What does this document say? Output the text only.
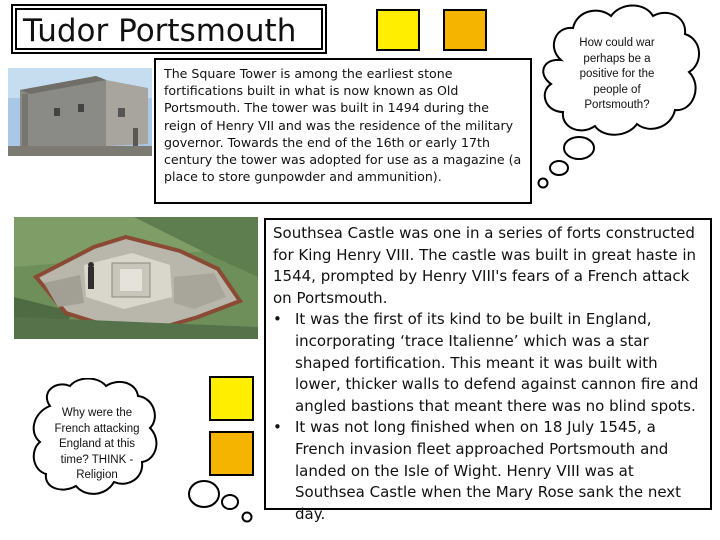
Tudor Portsmouth
The Square Tower is among the earliest stone fortifications built in what is now known as Old Portsmouth. The tower was built in 1494 during the reign of Henry VII and was the residence of the military governor. Towards the end of the 16th or early 17th century the tower was adopted for use as a magazine (a place to store gunpowder and ammunition).
How could war perhaps be a positive for the people of Portsmouth?
Why were the French attacking England at this time? THINK - Religion

Southsea Castle was one in a series of forts constructed for King Henry VIII. The castle was built in great haste in 1544, prompted by Henry VIII's fears of a French attack on Portsmouth.

• It was the first of its kind to be built in England, incorporating ‘trace Italienne’ which was a star shaped fortification. This meant it was built with lower, thicker walls to defend against cannon fire and angled bastions that meant there was no blind spots.
• It was not long finished when on 18 July 1545, a French invasion fleet approached Portsmouth and landed on the Isle of Wight. Henry VIII was at Southsea Castle when the Mary Rose sank the next day.
